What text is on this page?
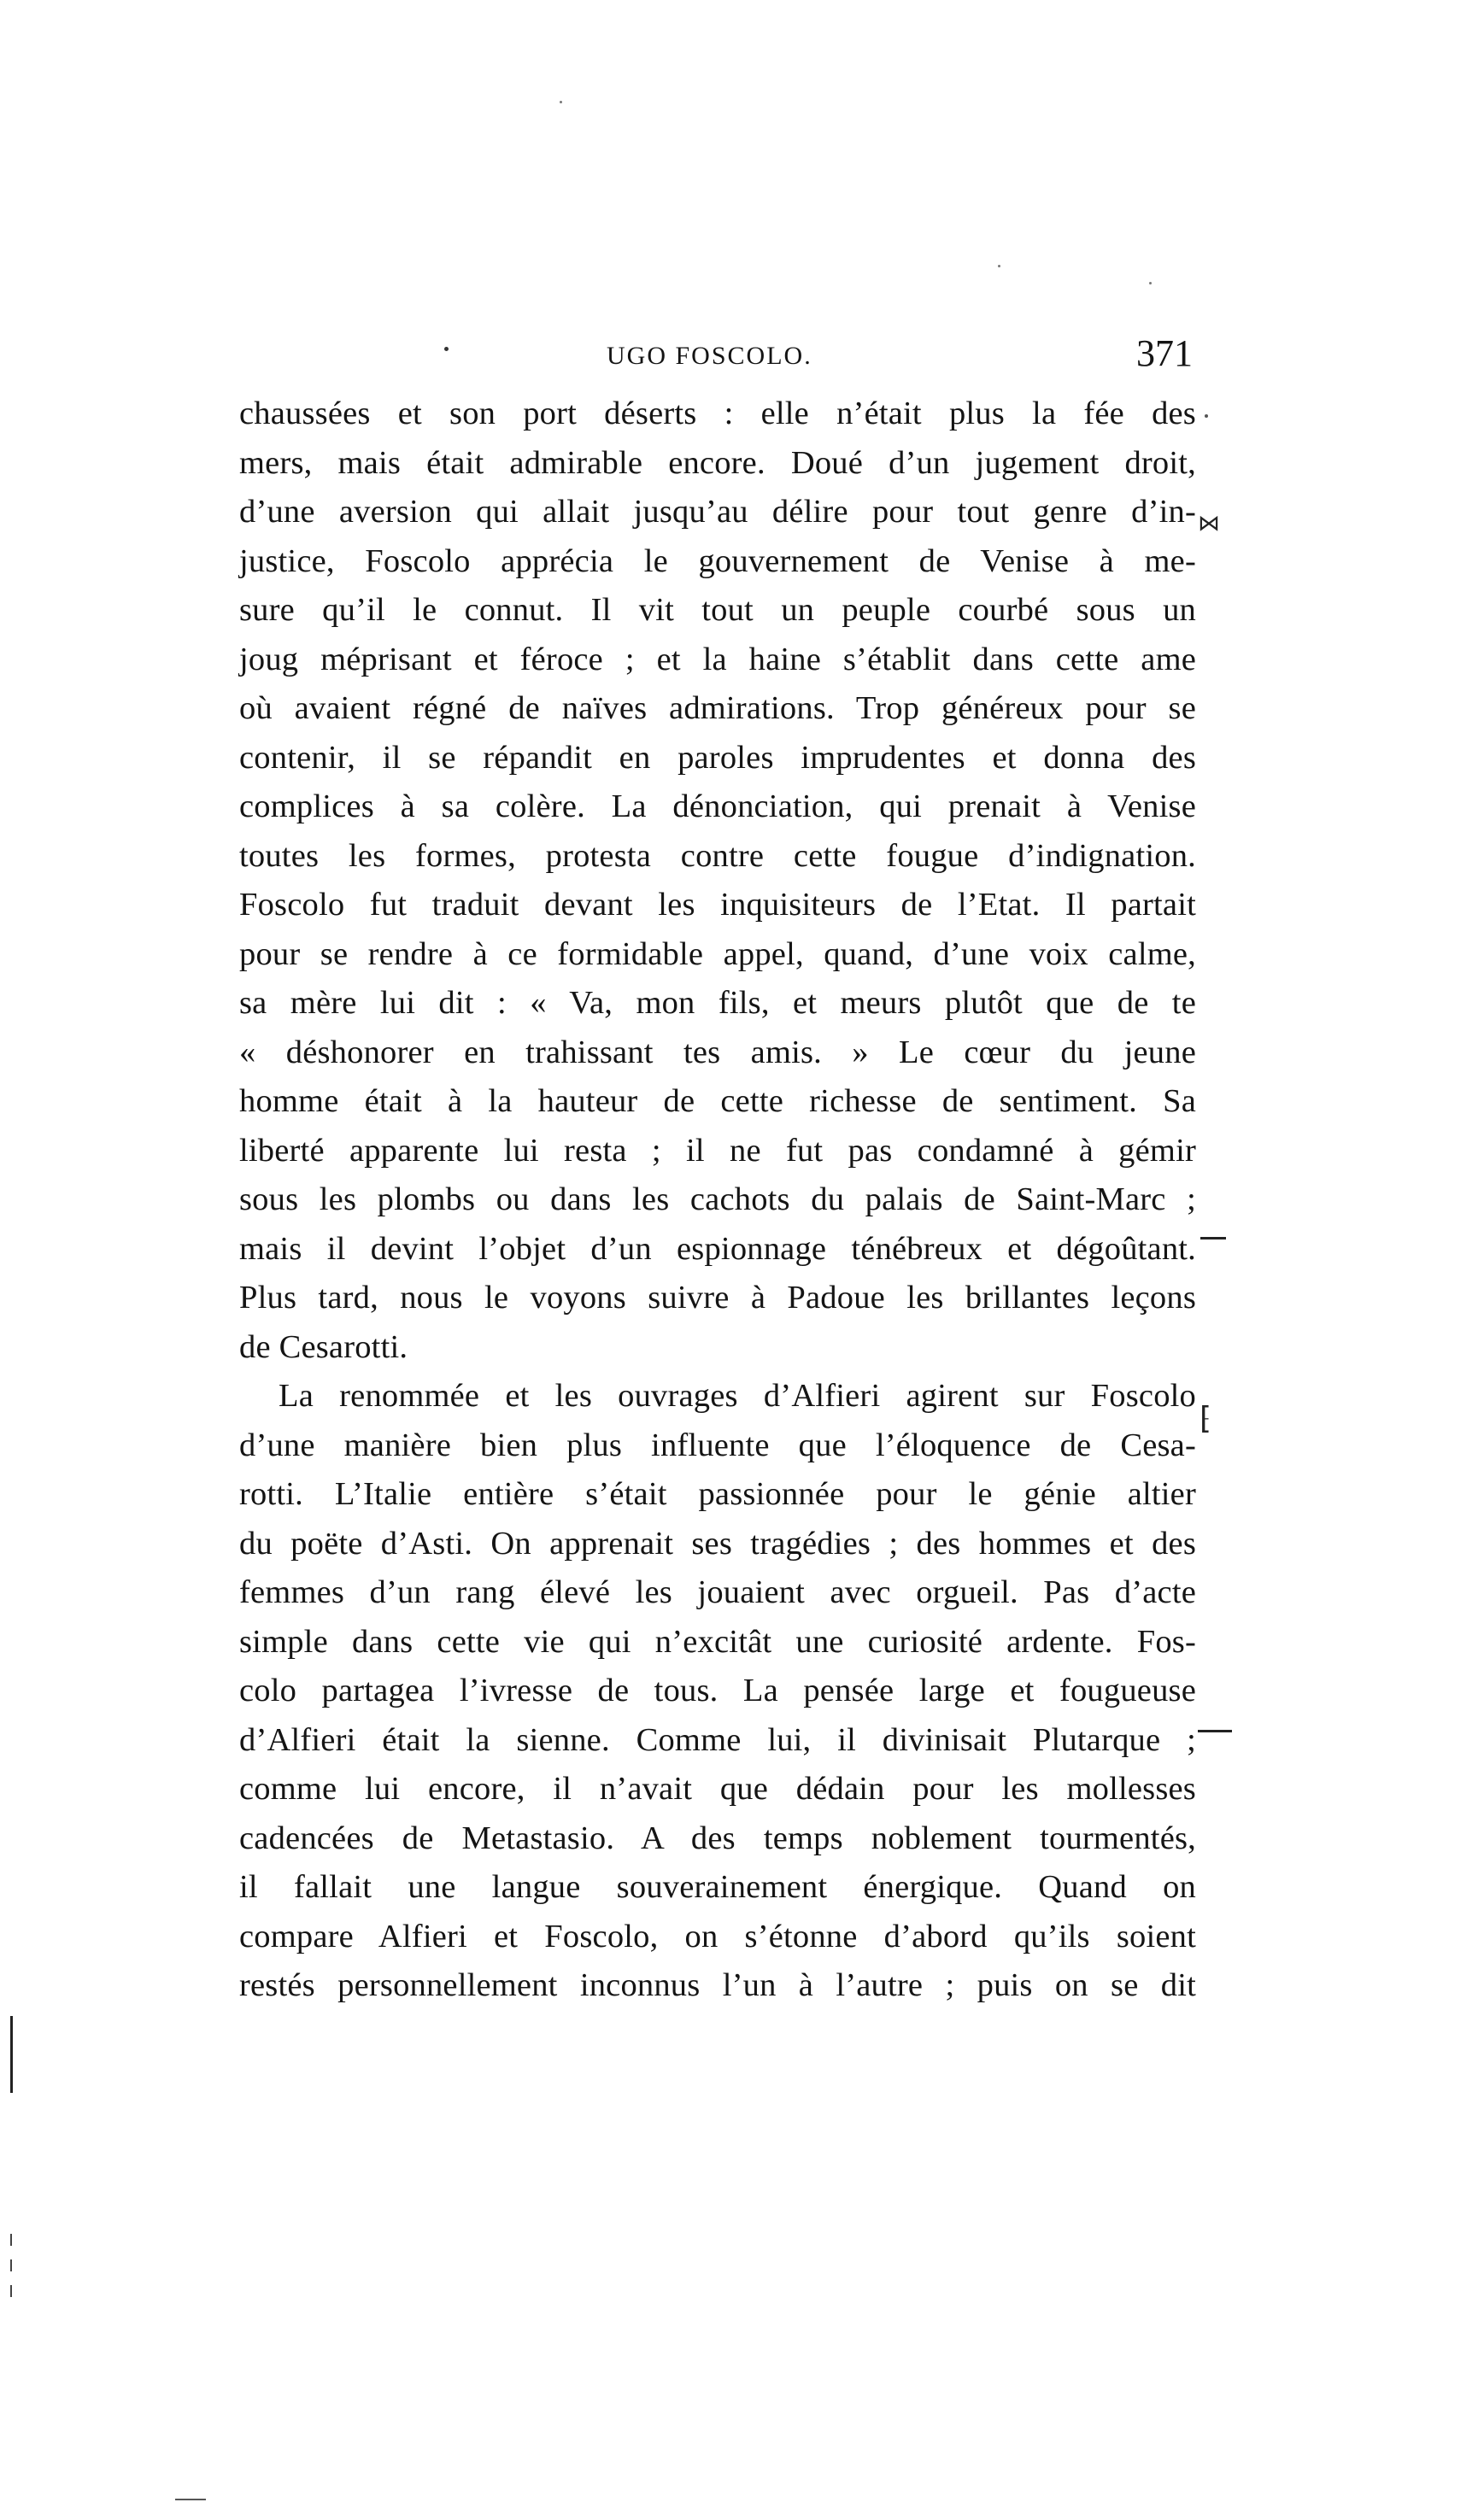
UGO FOSCOLO.	371
chaussées et son port déserts : elle n’était plus la fée des
mers, mais était admirable encore. Doué d’un jugement droit,
d’une aversion qui allait jusqu’au délire pour tout genre d’in-
justice, Foscolo apprécia le gouvernement de Venise à me-
sure qu’il le connut. Il vit tout un peuple courbé sous un
joug méprisant et féroce ; et la haine s’établit dans cette ame
où avaient régné de naïves admirations. Trop généreux pour se
contenir, il se répandit en paroles imprudentes et donna des
complices à sa colère. La dénonciation, qui prenait à Venise
toutes les formes, protesta contre cette fougue d’indignation.
Foscolo fut traduit devant les inquisiteurs de l’Etat. Il partait
pour se rendre à ce formidable appel, quand, d’une voix calme,
sa mère lui dit : « Va, mon fils, et meurs plutôt que de te
« déshonorer en trahissant tes amis. » Le cœur du jeune
homme était à la hauteur de cette richesse de sentiment. Sa
liberté apparente lui resta ; il ne fut pas condamné à gémir
sous les plombs ou dans les cachots du palais de Saint-Marc ;
mais il devint l’objet d’un espionnage ténébreux et dégoûtant.
Plus tard, nous le voyons suivre à Padoue les brillantes leçons
de Cesarotti.
La renommée et les ouvrages d’Alfieri agirent sur Foscolo
d’une manière bien plus influente que l’éloquence de Cesa-
rotti. L’Italie entière s’était passionnée pour le génie altier
du poëte d’Asti. On apprenait ses tragédies ; des hommes et des
femmes d’un rang élevé les jouaient avec orgueil. Pas d’acte
simple dans cette vie qui n’excitât une curiosité ardente. Fos-
colo partagea l’ivresse de tous. La pensée large et fougueuse
d’Alfieri était la sienne. Comme lui, il divinisait Plutarque ;
comme lui encore, il n’avait que dédain pour les mollesses
cadencées de Metastasio. A des temps noblement tourmentés,
il fallait une langue souverainement énergique. Quand on
compare Alfieri et Foscolo, on s’étonne d’abord qu’ils soient
restés personnellement inconnus l’un à l’autre ; puis on se dit
⋈
⁅
